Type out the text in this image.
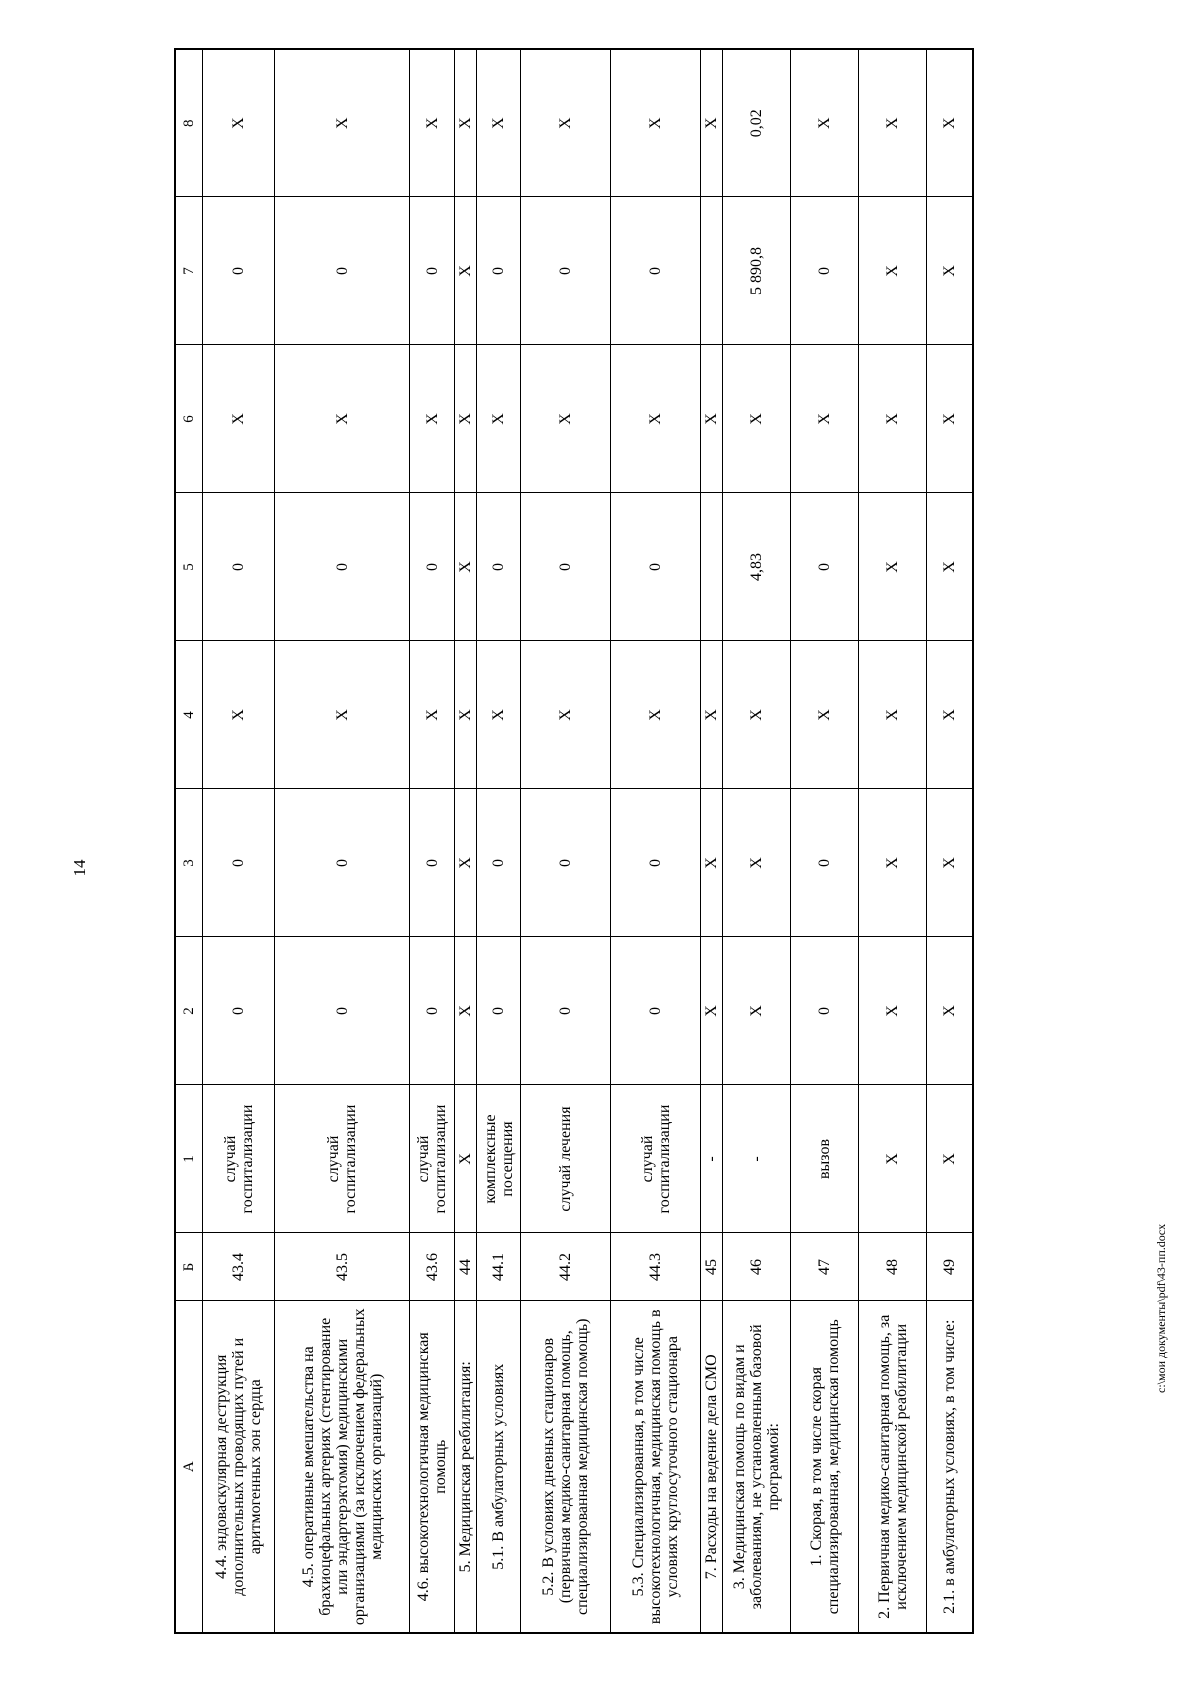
14
А	Б	1	2	3	4	5	6	7	8
4.4. эндоваскулярная деструкция дополнительных проводящих путей и аритмогенных зон сердца	43.4	случай госпитализации	0	0	Х	0	Х	0	Х
4.5. оперативные вмешательства на брахиоцефальных артериях (стентирование или эндартерэктомия) медицинскими организациями (за исключением федеральных медицинских организаций)	43.5	случай госпитализации	0	0	Х	0	Х	0	Х
4.6. высокотехнологичная медицинская помощь	43.6	случай госпитализации	0	0	Х	0	Х	0	Х
5. Медицинская реабилитация:	44	Х	Х	Х	Х	Х	Х	Х	Х
5.1. В амбулаторных условиях	44.1	комплексные посещения	0	0	Х	0	Х	0	Х
5.2. В условиях дневных стационаров (первичная медико-санитарная помощь, специализированная медицинская помощь)	44.2	случай лечения	0	0	Х	0	Х	0	Х
5.3. Специализированная, в том числе высокотехнологичная, медицинская помощь в условиях круглосуточного стационара	44.3	случай госпитализации	0	0	Х	0	Х	0	Х
7. Расходы на ведение дела СМО	45	-	Х	Х	Х		Х		Х
3. Медицинская помощь по видам и заболеваниям, не установленным базовой программой:	46	-	Х	Х	Х	4,83	Х	5 890,8	0,02
1. Скорая, в том числе скорая специализированная, медицинская помощь	47	вызов	0	0	Х	0	Х	0	Х
2. Первичная медико-санитарная помощь, за исключением медицинской реабилитации	48	Х	Х	Х	Х	Х	Х	Х	Х
2.1. в амбулаторных условиях, в том числе:	49	Х	Х	Х	Х	Х	Х	Х	Х
c:\мои документы\pdf\43-пп.docx
